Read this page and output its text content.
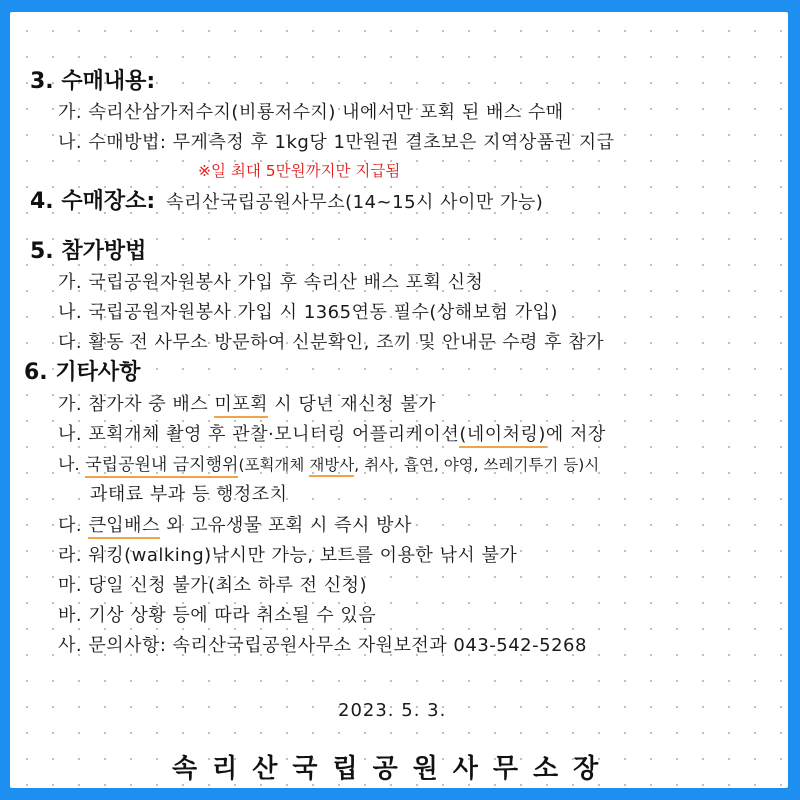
3. 수매내용:
가. 속리산삼가저수지(비룡저수지) 내에서만 포획 된 배스 수매
나. 수매방법: 무게측정 후 1kg당 1만원권 결초보은 지역상품권 지급
※일 최대 5만원까지만 지급됨
4. 수매장소: 속리산국립공원사무소(14~15시 사이만 가능)
5. 참가방법
가. 국립공원자원봉사 가입 후 속리산 배스 포획 신청
나. 국립공원자원봉사 가입 시 1365연동 필수(상해보험 가입)
다. 활동 전 사무소 방문하여 신분확인, 조끼 및 안내문 수령 후 참가
6. 기타사항
가. 참가자 중 배스 미포획 시 당년 재신청 불가
나. 포획개체 촬영 후 관찰·모니터링 어플리케이션(네이처링)에 저장
나. 국립공원내 금지행위(포획개체 재방사, 취사, 흡연, 야영, 쓰레기투기 등)시
과태료 부과 등 행정조치
다. 큰입배스 외 고유생물 포획 시 즉시 방사
라. 워킹(walking)낚시만 가능, 보트를 이용한 낚시 불가
마. 당일 신청 불가(최소 하루 전 신청)
바. 기상 상황 등에 따라 취소될 수 있음
사. 문의사항: 속리산국립공원사무소 자원보전과 043-542-5268
2023. 5. 3.
속리산국립공원사무소장
